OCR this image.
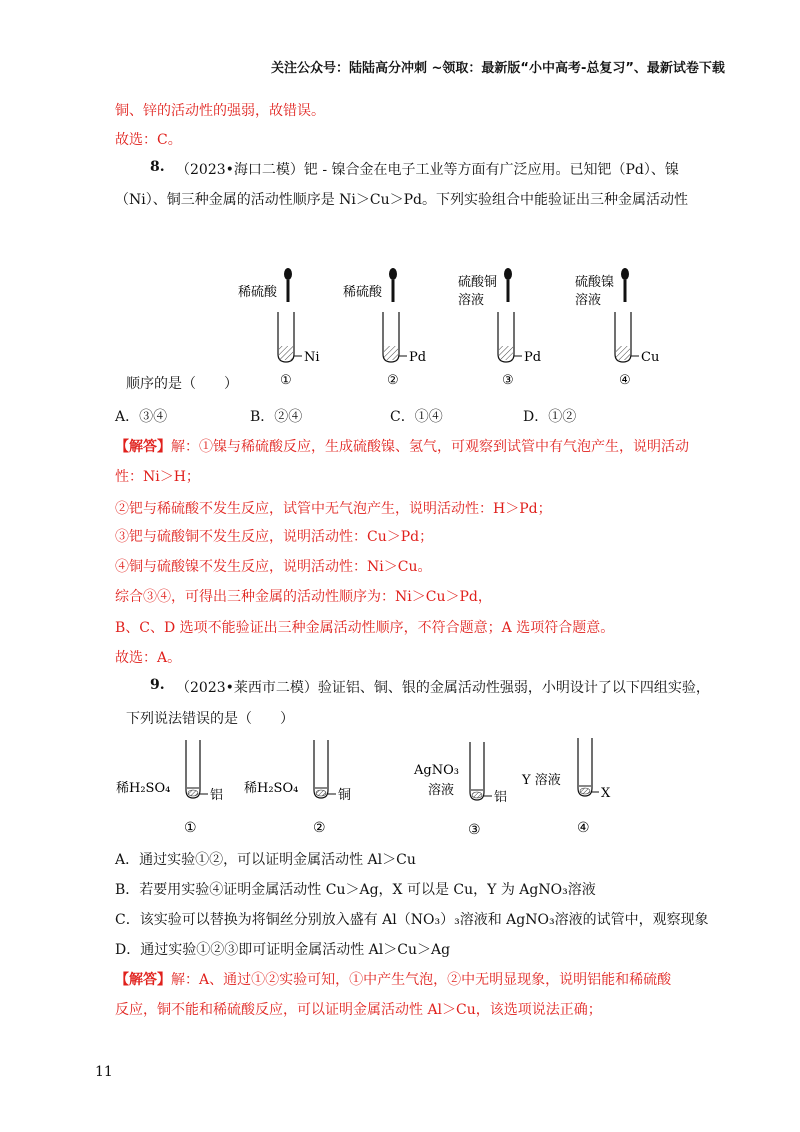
关注公众号：陆陆高分冲刺 ~领取：最新版“小中高考-总复习”、最新试卷下载
铜、锌的活动性的强弱，故错误。
故选：C。
8. （2023•海口二模）钯 - 镍合金在电子工业等方面有广泛应用。已知钯（Pd）、镍
（Ni）、铜三种金属的活动性顺序是 Ni＞Cu＞Pd。下列实验组合中能验证出三种金属活动性
稀硫酸
Ni
①
稀硫酸
Pd
②
硫酸铜
溶液
Pd
③
硫酸镍
溶液
Cu
④
顺序的是（　　）
A．③④	B．②④	C．①④	D．①②
【解答】解：①镍与稀硫酸反应，生成硫酸镍、氢气，可观察到试管中有气泡产生，说明活动
性：Ni＞H；
②钯与稀硫酸不发生反应，试管中无气泡产生，说明活动性：H＞Pd；
③钯与硫酸铜不发生反应，说明活动性：Cu＞Pd；
④铜与硫酸镍不发生反应，说明活动性：Ni＞Cu。
综合③④，可得出三种金属的活动性顺序为：Ni＞Cu＞Pd，
B、C、D 选项不能验证出三种金属活动性顺序，不符合题意；A 选项符合题意。
故选：A。
9. （2023•莱西市二模）验证铝、铜、银的金属活动性强弱，小明设计了以下四组实验，
下列说法错误的是（　　）
稀H₂SO₄	铝
①
稀H₂SO₄	铜
②
AgNO₃
溶液	铝
③
Y 溶液
X
④
A．通过实验①②，可以证明金属活动性 Al＞Cu
B．若要用实验④证明金属活动性 Cu＞Ag，X 可以是 Cu，Y 为 AgNO₃溶液
C．该实验可以替换为将铜丝分别放入盛有 Al（NO₃）₃溶液和 AgNO₃溶液的试管中，观察现象
D．通过实验①②③即可证明金属活动性 Al＞Cu＞Ag
【解答】解：A、通过①②实验可知，①中产生气泡，②中无明显现象，说明铝能和稀硫酸
反应，铜不能和稀硫酸反应，可以证明金属活动性 Al＞Cu，该选项说法正确；
11
